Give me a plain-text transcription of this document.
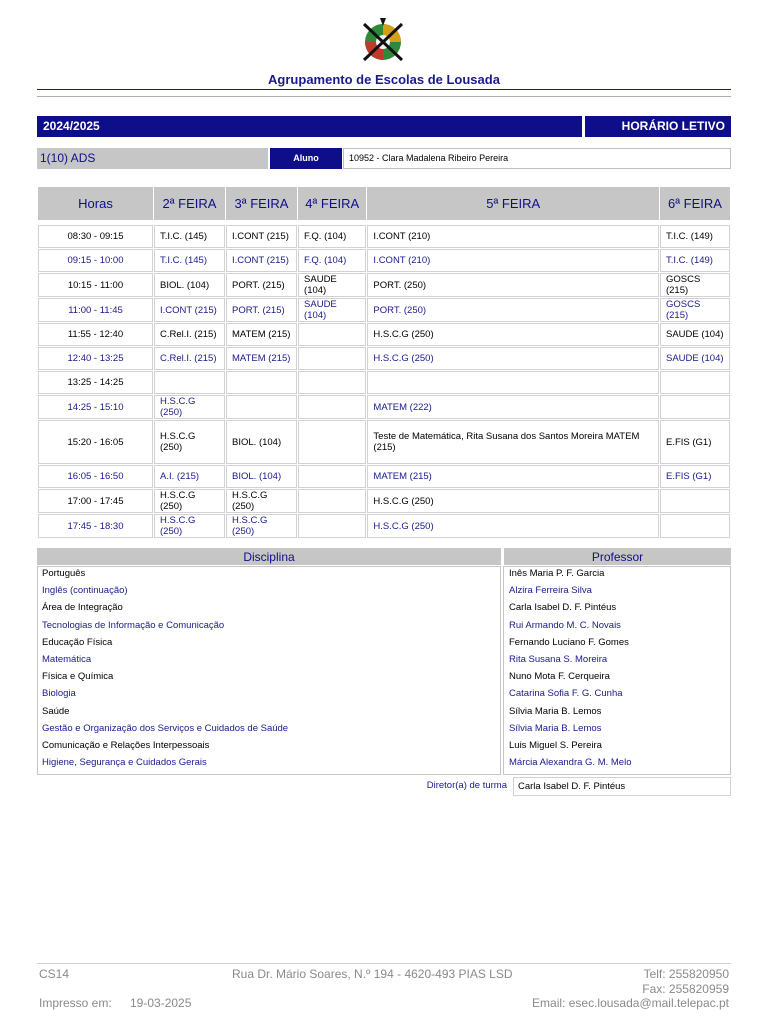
Agrupamento de Escolas de Lousada
2024/2025	HORÁRIO LETIVO
1(10) ADS	Aluno	10952 - Clara Madalena Ribeiro Pereira
Horas	2ª FEIRA	3ª FEIRA	4ª FEIRA	5ª FEIRA	6ª FEIRA

08:30 - 09:15	T.I.C. (145)	I.CONT (215)	F.Q. (104)	I.CONT (210)	T.I.C. (149)
09:15 - 10:00	T.I.C. (145)	I.CONT (215)	F.Q. (104)	I.CONT (210)	T.I.C. (149)
10:15 - 11:00	BIOL. (104)	PORT. (215)	SAUDE (104)	PORT. (250)	GOSCS (215)
11:00 - 11:45	I.CONT (215)	PORT. (215)	SAUDE (104)	PORT. (250)	GOSCS (215)
11:55 - 12:40	C.Rel.I. (215)	MATEM (215)		H.S.C.G (250)	SAUDE (104)
12:40 - 13:25	C.Rel.I. (215)	MATEM (215)		H.S.C.G (250)	SAUDE (104)
13:25 - 14:25					
14:25 - 15:10	H.S.C.G (250)			MATEM (222)	
15:20 - 16:05	H.S.C.G (250)	BIOL. (104)		Teste de Matemática, Rita Susana dos Santos Moreira MATEM (215)	E.FIS (G1)
16:05 - 16:50	A.I. (215)	BIOL. (104)		MATEM (215)	E.FIS (G1)
17:00 - 17:45	H.S.C.G (250)	H.S.C.G (250)		H.S.C.G (250)	
17:45 - 18:30	H.S.C.G (250)	H.S.C.G (250)		H.S.C.G (250)	
Disciplina		Professor
Português		Inês Maria P. F. Garcia
Inglês (continuação)		Alzira Ferreira Silva
Área de Integração		Carla Isabel D. F. Pintéus
Tecnologias de Informação e Comunicação		Rui Armando M. C. Novais
Educação Física		Fernando Luciano F. Gomes
Matemática		Rita Susana S. Moreira
Física e Química		Nuno Mota F. Cerqueira
Biologia		Catarina Sofia F. G. Cunha
Saúde		Sílvia Maria B. Lemos
Gestão e Organização dos Serviços e Cuidados de Saúde		Sílvia Maria B. Lemos
Comunicação e Relações Interpessoais		Luis Miguel S. Pereira
Higiene, Segurança e Cuidados Gerais		Márcia Alexandra G. M. Melo
Diretor(a) de turma	Carla Isabel D. F. Pintéus
CS14	Rua Dr. Mário Soares, N.º 194 - 4620-493 PIAS LSD	Telf: 255820950
Fax: 255820959
Impresso em: 19-03-2025	Email: esec.lousada@mail.telepac.pt
